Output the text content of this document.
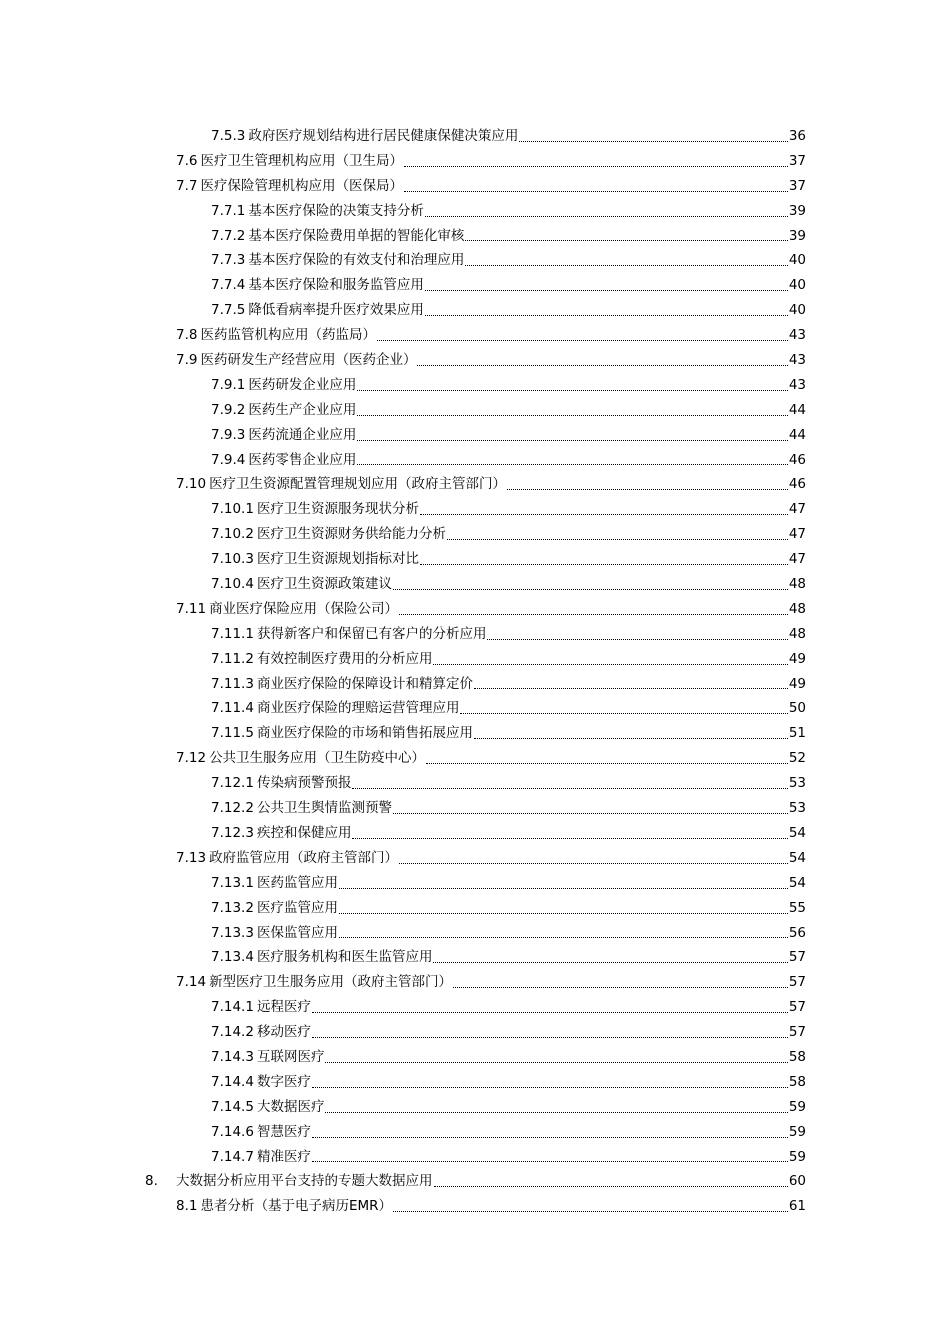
7.5.3 政府医疗规划结构进行居民健康保健决策应用	36
7.6 医疗卫生管理机构应用（卫生局）	37
7.7 医疗保险管理机构应用（医保局）	37
7.7.1 基本医疗保险的决策支持分析	39
7.7.2 基本医疗保险费用单据的智能化审核	39
7.7.3 基本医疗保险的有效支付和治理应用	40
7.7.4 基本医疗保险和服务监管应用	40
7.7.5 降低看病率提升医疗效果应用	40
7.8 医药监管机构应用（药监局）	43
7.9 医药研发生产经营应用（医药企业）	43
7.9.1 医药研发企业应用	43
7.9.2 医药生产企业应用	44
7.9.3 医药流通企业应用	44
7.9.4 医药零售企业应用	46
7.10 医疗卫生资源配置管理规划应用（政府主管部门）	46
7.10.1 医疗卫生资源服务现状分析	47
7.10.2 医疗卫生资源财务供给能力分析	47
7.10.3 医疗卫生资源规划指标对比	47
7.10.4 医疗卫生资源政策建议	48
7.11 商业医疗保险应用（保险公司）	48
7.11.1 获得新客户和保留已有客户的分析应用	48
7.11.2 有效控制医疗费用的分析应用	49
7.11.3 商业医疗保险的保障设计和精算定价	49
7.11.4 商业医疗保险的理赔运营管理应用	50
7.11.5 商业医疗保险的市场和销售拓展应用	51
7.12 公共卫生服务应用（卫生防疫中心）	52
7.12.1 传染病预警预报	53
7.12.2 公共卫生舆情监测预警	53
7.12.3 疾控和保健应用	54
7.13 政府监管应用（政府主管部门）	54
7.13.1 医药监管应用	54
7.13.2 医疗监管应用	55
7.13.3 医保监管应用	56
7.13.4 医疗服务机构和医生监管应用	57
7.14 新型医疗卫生服务应用（政府主管部门）	57
7.14.1 远程医疗	57
7.14.2 移动医疗	57
7.14.3 互联网医疗	58
7.14.4 数字医疗	58
7.14.5 大数据医疗	59
7.14.6 智慧医疗	59
7.14.7 精准医疗	59
8. 大数据分析应用平台支持的专题大数据应用	60
8.1 患者分析（基于电子病历EMR）	61
